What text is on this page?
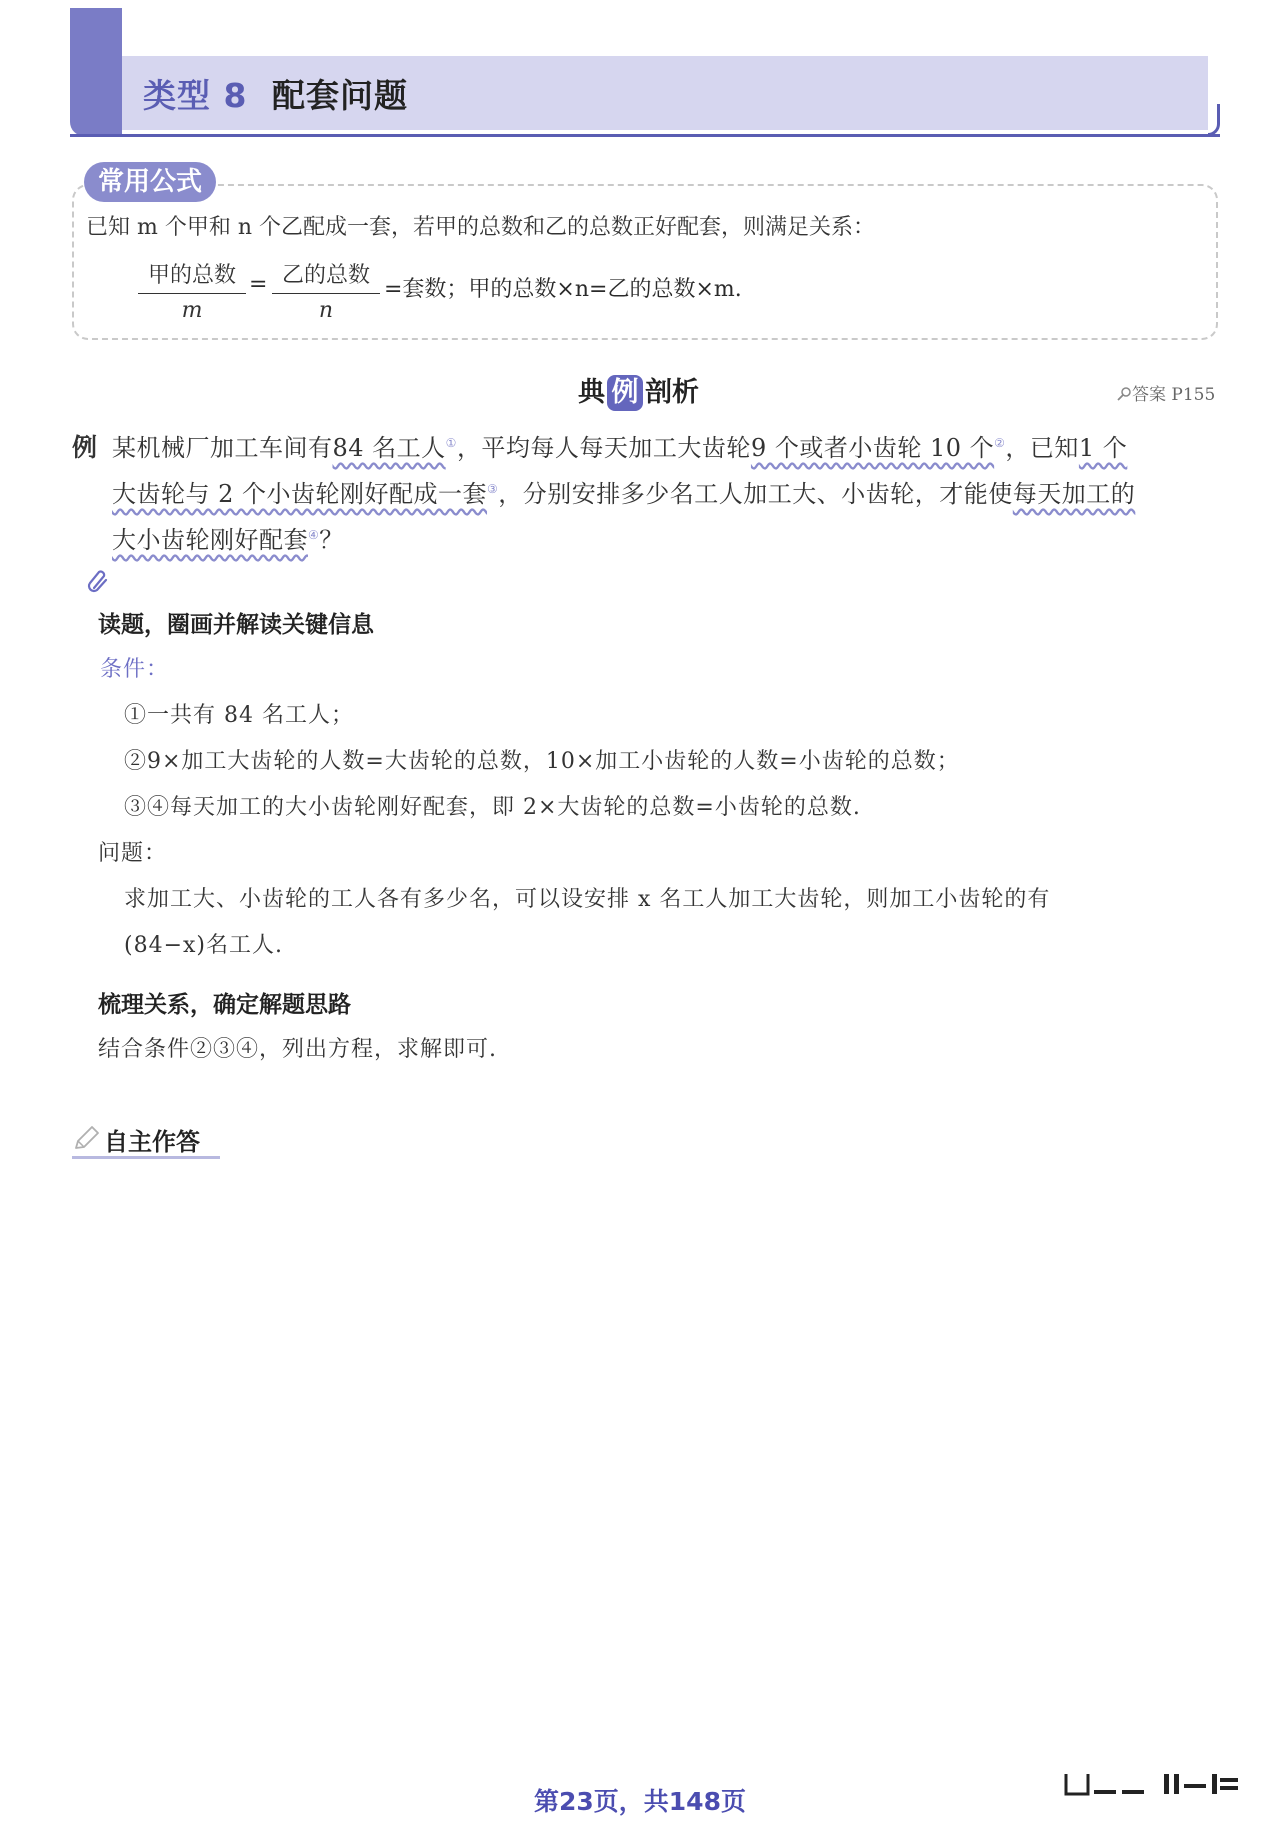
类型 8 配套问题
常用公式
已知 m 个甲和 n 个乙配成一套，若甲的总数和乙的总数正好配套，则满足关系：
甲的总数
m
= 乙的总数
n
=套数；甲的总数×n=乙的总数×m.
典 例 剖析	答案 P155
例 某机械厂加工车间有84 名工人①，平均每人每天加工大齿轮9 个或者小齿轮 10 个②，已知1 个
大齿轮与 2 个小齿轮刚好配成一套③，分别安排多少名工人加工大、小齿轮，才能使每天加工的
大小齿轮刚好配套④？
读题，圈画并解读关键信息
条件：
①一共有 84 名工人；
②9×加工大齿轮的人数=大齿轮的总数，10×加工小齿轮的人数=小齿轮的总数；
③④每天加工的大小齿轮刚好配套，即 2×大齿轮的总数=小齿轮的总数.
问题：
求加工大、小齿轮的工人各有多少名，可以设安排 x 名工人加工大齿轮，则加工小齿轮的有
(84−x)名工人.
梳理关系，确定解题思路
结合条件②③④，列出方程，求解即可.
自主作答
第23页，共148页
